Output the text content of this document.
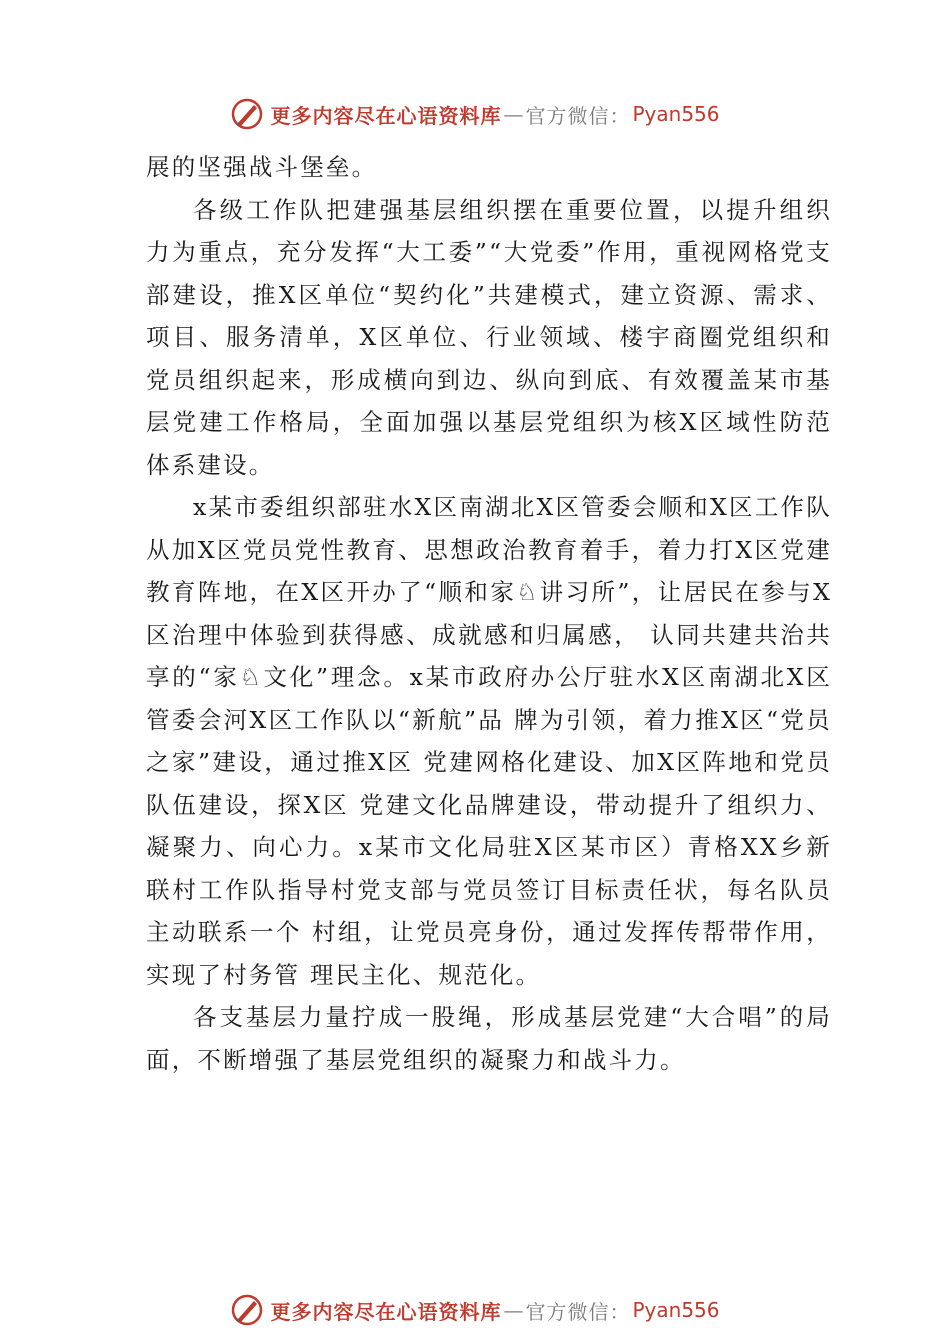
更多内容尽在心语资料库 — 官方微信： Pyan556

展的坚强战斗堡垒。

各级工作队把建强基层组织摆在重要位置，以提升组织力为重点，充分发挥“大工委”“大党委”作用，重视网格党支部建设，推X区单位“契约化”共建模式，建立资源、需求、项目、服务清单，X区单位、行业领域、楼宇商圈党组织和党员组织起来，形成横向到边、纵向到底、有效覆盖某市基层党建工作格局，全面加强以基层党组织为核X区域性防范体系建设。

x某市委组织部驻水X区南湖北X区管委会顺和X区工作队从加X区党员党性教育、思想政治教育着手，着力打X区党建教育阵地，在X区开办了“顺和家♘讲习所”，让居民在参与X区治理中体验到获得感、成就感和归属感， 认同共建共治共享的“家♘文化”理念。x某市政府办公厅驻水X区南湖北X区管委会河X区工作队以“新航”品 牌为引领，着力推X区“党员之家”建设，通过推X区 党建网格化建设、加X区阵地和党员队伍建设，探X区 党建文化品牌建设，带动提升了组织力、凝聚力、向心力。x某市文化局驻X区某市区）青格XX乡新联村工作队指导村党支部与党员签订目标责任状，每名队员主动联系一个 村组，让党员亮身份，通过发挥传帮带作用，实现了村务管 理民主化、规范化。

各支基层力量拧成一股绳，形成基层党建“大合唱”的局面，不断增强了基层党组织的凝聚力和战斗力。

更多内容尽在心语资料库 — 官方微信： Pyan556
